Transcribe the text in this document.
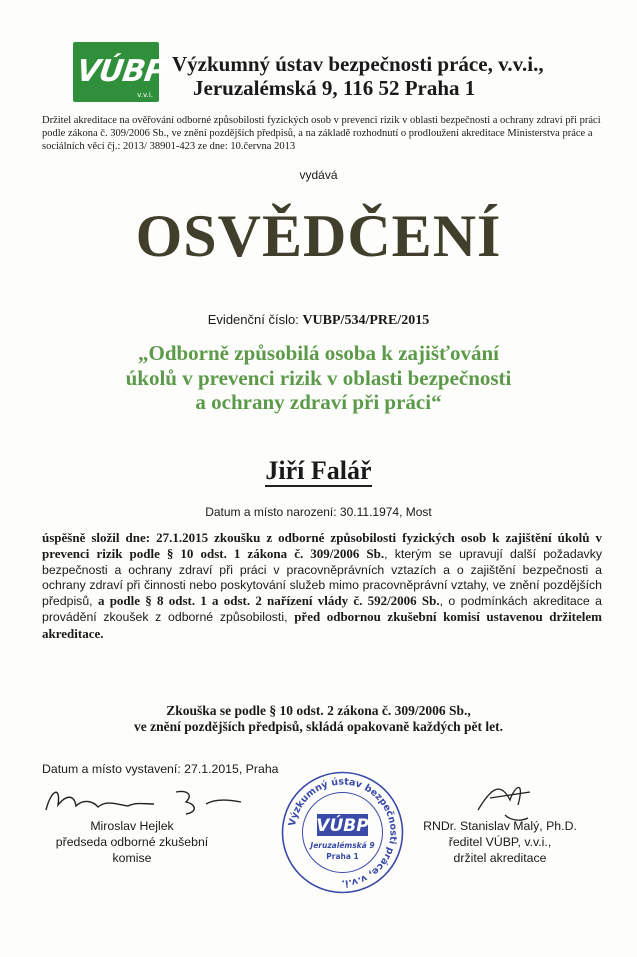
VÚBP
v.v.i.
Výzkumný ústav bezpečnosti práce, v.v.i.,
Jeruzalémská 9, 116 52 Praha 1
Držitel akreditace na ověřování odborné způsobilosti fyzických osob v prevenci rizik v oblasti bezpečnosti a ochrany zdraví při práci podle zákona č. 309/2006 Sb., ve znění pozdějších předpisů, a na základě rozhodnutí o prodloužení akreditace Ministerstva práce a sociálních věcí čj.: 2013/ 38901-423 ze dne: 10.června 2013
vydává
OSVĚDČENÍ
Evidenční číslo: VUBP/534/PRE/2015
„Odborně způsobilá osoba k zajišťování
úkolů v prevenci rizik v oblasti bezpečnosti
a ochrany zdraví při práci“
Jiří Falář
Datum a místo narození: 30.11.1974, Most
úspěšně složil dne: 27.1.2015 zkoušku z odborné způsobilosti fyzických osob k zajištění úkolů v prevenci rizik podle § 10 odst. 1 zákona č. 309/2006 Sb., kterým se upravují další požadavky bezpečnosti a ochrany zdraví při práci v pracovněprávních vztazích a o zajištění bezpečnosti a ochrany zdraví při činnosti nebo poskytování služeb mimo pracovněprávní vztahy, ve znění pozdějších předpisů, a podle § 8 odst. 1 a odst. 2 nařízení vlády č. 592/2006 Sb., o podmínkách akreditace a provádění zkoušek z odborné způsobilosti, před odbornou zkušební komisí ustavenou držitelem akreditace.
Zkouška se podle § 10 odst. 2 zákona č. 309/2006 Sb.,
ve znění pozdějších předpisů, skládá opakovaně každých pět let.
Datum a místo vystavení: 27.1.2015, Praha
Miroslav Hejlek
předseda odborné zkušební
komise
RNDr. Stanislav Malý, Ph.D.
ředitel VÚBP, v.v.i.,
držitel akreditace
Výzkumný ústav bezpečnosti práce, v.v.i.
VÚBP
Jeruzalémská 9
Praha 1
